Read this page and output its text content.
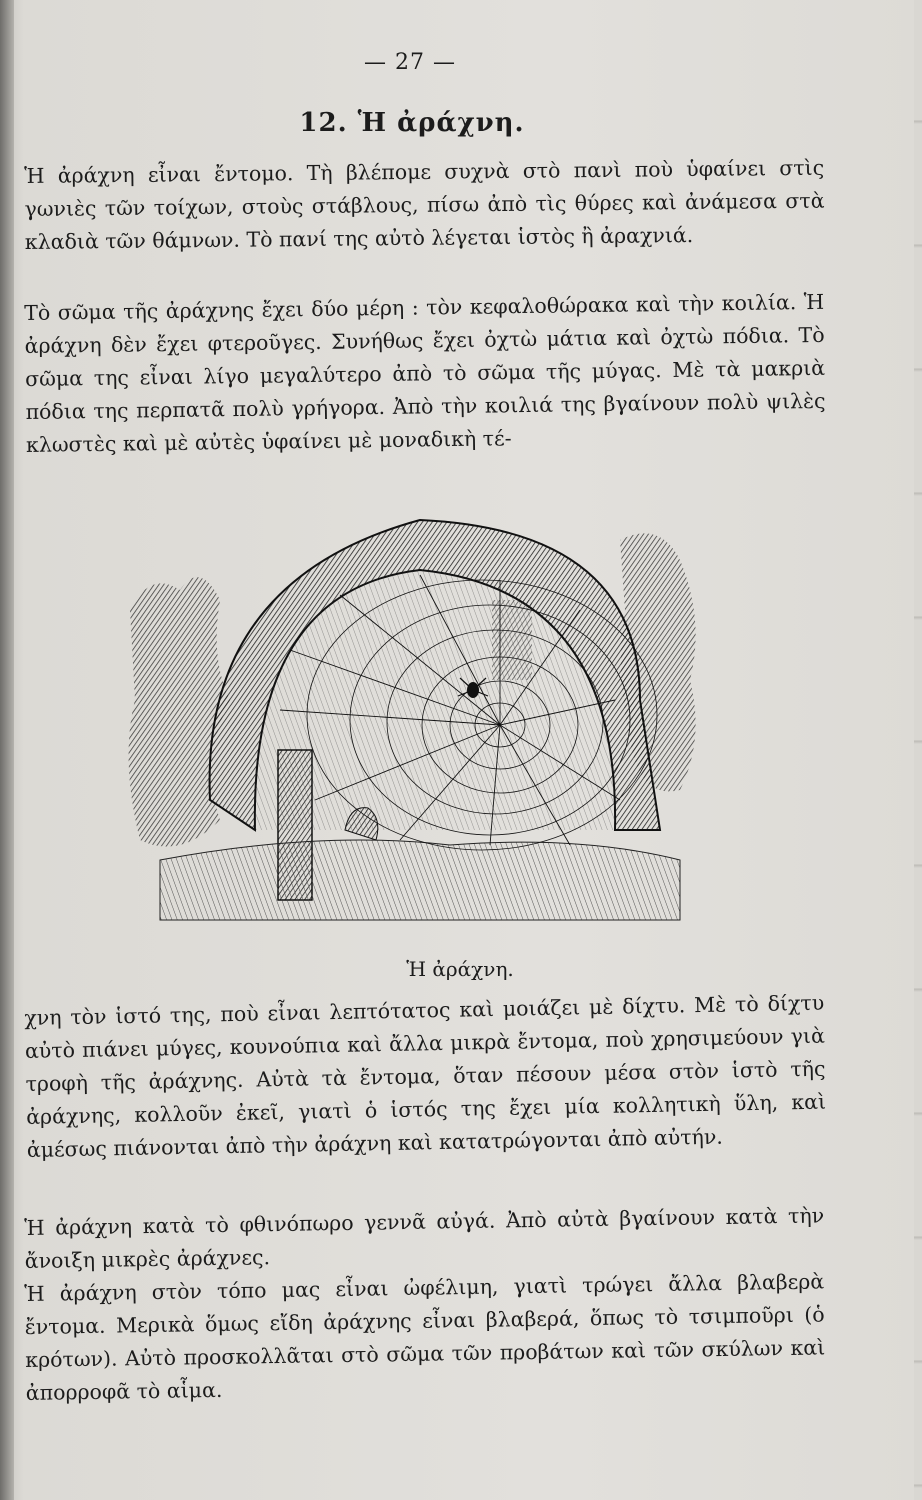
— 27 —
12. Ἡ ἀράχνη.

Ἡ ἀράχνη εἶναι ἔντομο. Τὴ βλέπομε συχνὰ στὸ πανὶ ποὺ ὑφαίνει στὶς γωνιὲς τῶν τοίχων, στοὺς στάβλους, πίσω ἀπὸ τὶς θύρες καὶ ἀνάμεσα στὰ κλαδιὰ τῶν θάμνων. Τὸ πανί της αὐτὸ λέγεται ἱστὸς ἢ ἀραχνιά.

Τὸ σῶμα τῆς ἀράχνης ἔχει δύο μέρη : τὸν κεφαλοθώρακα καὶ τὴν κοιλία. Ἡ ἀράχνη δὲν ἔχει φτεροῦγες. Συνήθως ἔχει ὀχτὼ μάτια καὶ ὀχτὼ πόδια. Τὸ σῶμα της εἶναι λίγο μεγαλύτερο ἀπὸ τὸ σῶμα τῆς μύγας. Μὲ τὰ μακριὰ πόδια της περπατᾶ πολὺ γρήγορα. Ἀπὸ τὴν κοιλιά της βγαίνουν πολὺ ψιλὲς κλωστὲς καὶ μὲ αὐτὲς ὑφαίνει μὲ μοναδικὴ τέ-

Ἡ ἀράχνη.

χνη τὸν ἱστό της, ποὺ εἶναι λεπτότατος καὶ μοιάζει μὲ δίχτυ. Μὲ τὸ δίχτυ αὐτὸ πιάνει μύγες, κουνούπια καὶ ἄλλα μικρὰ ἔντομα, ποὺ χρησιμεύουν γιὰ τροφὴ τῆς ἀράχνης. Αὐτὰ τὰ ἔντομα, ὅταν πέσουν μέσα στὸν ἱστὸ τῆς ἀράχνης, κολλοῦν ἐκεῖ, γιατὶ ὁ ἱστός της ἔχει μία κολλητικὴ ὕλη, καὶ ἀμέσως πιάνονται ἀπὸ τὴν ἀράχνη καὶ κατατρώγονται ἀπὸ αὐτήν.

Ἡ ἀράχνη κατὰ τὸ φθινόπωρο γεννᾶ αὐγά. Ἀπὸ αὐτὰ βγαίνουν κατὰ τὴν ἄνοιξη μικρὲς ἀράχνες.

Ἡ ἀράχνη στὸν τόπο μας εἶναι ὠφέλιμη, γιατὶ τρώγει ἄλλα βλαβερὰ ἔντομα. Μερικὰ ὅμως εἴδη ἀράχνης εἶναι βλαβερά, ὅπως τὸ τσιμποῦρι (ὁ κρότων). Αὐτὸ προσκολλᾶται στὸ σῶμα τῶν προβάτων καὶ τῶν σκύλων καὶ ἀπορροφᾶ τὸ αἷμα.
